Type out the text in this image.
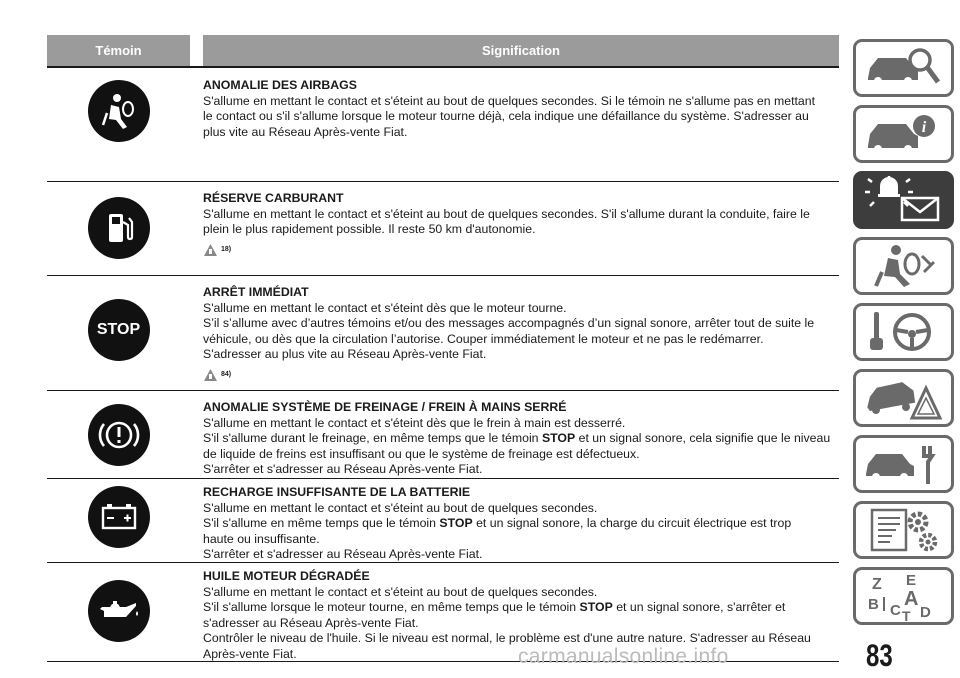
Témoin	Signification
ANOMALIE DES AIRBAGS

S'allume en mettant le contact et s'éteint au bout de quelques secondes. Si le témoin ne s'allume pas en mettant

le contact ou s'il s'allume lorsque le moteur tourne déjà, cela indique une défaillance du système. S'adresser au

plus vite au Réseau Après-vente Fiat.

RÉSERVE CARBURANT

S'allume en mettant le contact et s'éteint au bout de quelques secondes. S'il s'allume durant la conduite, faire le

plein le plus rapidement possible. Il reste 50 km d'autonomie.

18)
STOP
ARRÊT IMMÉDIAT

S'allume en mettant le contact et s'éteint dès que le moteur tourne.

S’il s’allume avec d’autres témoins et/ou des messages accompagnés d’un signal sonore, arrêter tout de suite le

véhicule, ou dès que la circulation l’autorise. Couper immédiatement le moteur et ne pas le redémarrer.

S'adresser au plus vite au Réseau Après-vente Fiat.

84)
ANOMALIE SYSTÈME DE FREINAGE / FREIN À MAINS SERRÉ

S'allume en mettant le contact et s'éteint dès que le frein à main est desserré.

S'il s'allume durant le freinage, en même temps que le témoin STOP et un signal sonore, cela signifie que le niveau

de liquide de freins est insuffisant ou que le système de freinage est défectueux.

S'arrêter et s'adresser au Réseau Après-vente Fiat.

RECHARGE INSUFFISANTE DE LA BATTERIE

S'allume en mettant le contact et s'éteint au bout de quelques secondes.

S'il s'allume en même temps que le témoin STOP et un signal sonore, la charge du circuit électrique est trop

haute ou insuffisante.

S'arrêter et s'adresser au Réseau Après-vente Fiat.

HUILE MOTEUR DÉGRADÉE

S'allume en mettant le contact et s'éteint au bout de quelques secondes.

S'il s'allume lorsque le moteur tourne, en même temps que le témoin STOP et un signal sonore, s'arrêter et

s'adresser au Réseau Après-vente Fiat.

Contrôler le niveau de l'huile. Si le niveau est normal, le problème est d'une autre nature. S'adresser au Réseau

Après-vente Fiat.

i
Z E
B A
C D
T
83
carmanualsonline.info
